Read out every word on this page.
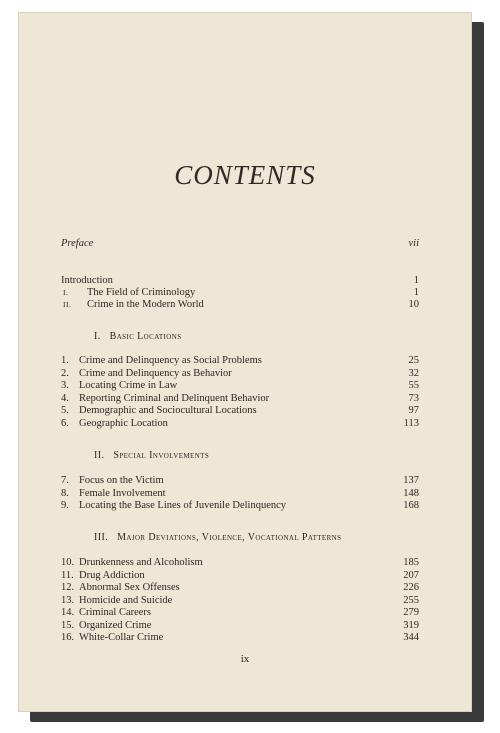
CONTENTS
Preface	vii
Introduction	1
I.	The Field of Criminology	1
II.	Crime in the Modern World	10
I. Basic Locations
1. Crime and Delinquency as Social Problems	25
2. Crime and Delinquency as Behavior	32
3. Locating Crime in Law	55
4. Reporting Criminal and Delinquent Behavior	73
5. Demographic and Sociocultural Locations	97
6. Geographic Location	113
II. Special Involvements
7. Focus on the Victim	137
8. Female Involvement	148
9. Locating the Base Lines of Juvenile Delinquency	168
III. Major Deviations, Violence, Vocational Patterns
10. Drunkenness and Alcoholism	185
11. Drug Addiction	207
12. Abnormal Sex Offenses	226
13. Homicide and Suicide	255
14. Criminal Careers	279
15. Organized Crime	319
16. White-Collar Crime	344
ix
